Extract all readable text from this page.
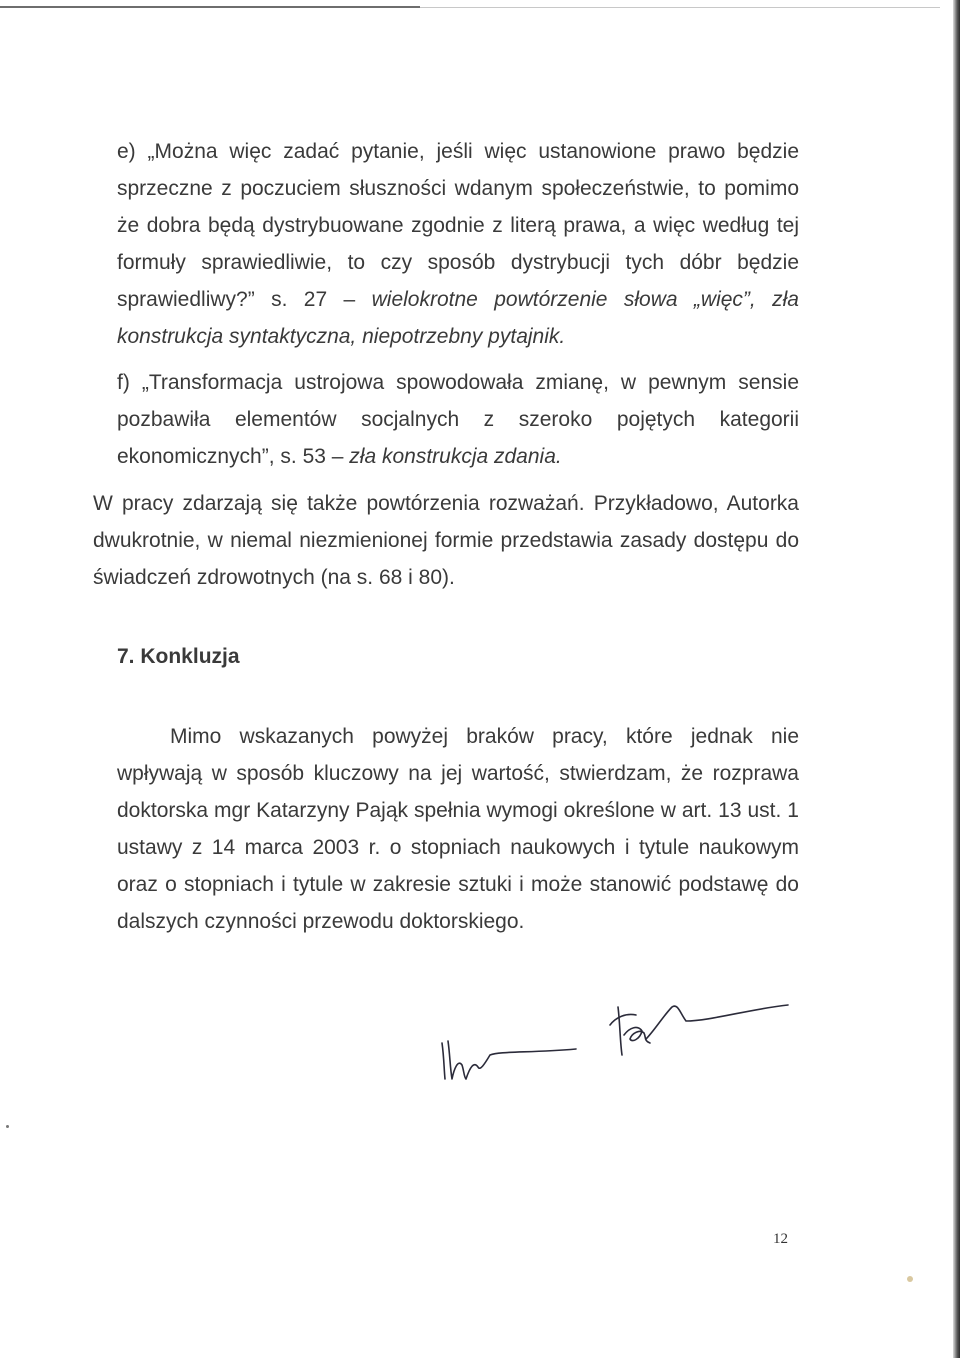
e) „Można więc zadać pytanie, jeśli więc ustanowione prawo będzie sprzeczne z poczuciem słuszności wdanym społeczeństwie, to pomimo że dobra będą dystrybuowane zgodnie z literą prawa, a więc według tej formuły sprawiedliwie, to czy sposób dystrybucji tych dóbr będzie sprawiedliwy?” s. 27 – wielokrotne powtórzenie słowa „więc”, zła konstrukcja syntaktyczna, niepotrzebny pytajnik.

f) „Transformacja ustrojowa spowodowała zmianę, w pewnym sensie pozbawiła elementów socjalnych z szeroko pojętych kategorii ekonomicznych”, s. 53 – zła konstrukcja zdania.

W pracy zdarzają się także powtórzenia rozważań. Przykładowo, Autorka dwukrotnie, w niemal niezmienionej formie przedstawia zasady dostępu do świadczeń zdrowotnych (na s. 68 i 80).

7. Konkluzja

Mimo wskazanych powyżej braków pracy, które jednak nie wpływają w sposób kluczowy na jej wartość, stwierdzam, że rozprawa doktorska mgr Katarzyny Pająk spełnia wymogi określone w art. 13 ust. 1 ustawy z 14 marca 2003 r. o stopniach naukowych i tytule naukowym oraz o stopniach i tytule w zakresie sztuki i może stanowić podstawę do dalszych czynności przewodu doktorskiego.

12
